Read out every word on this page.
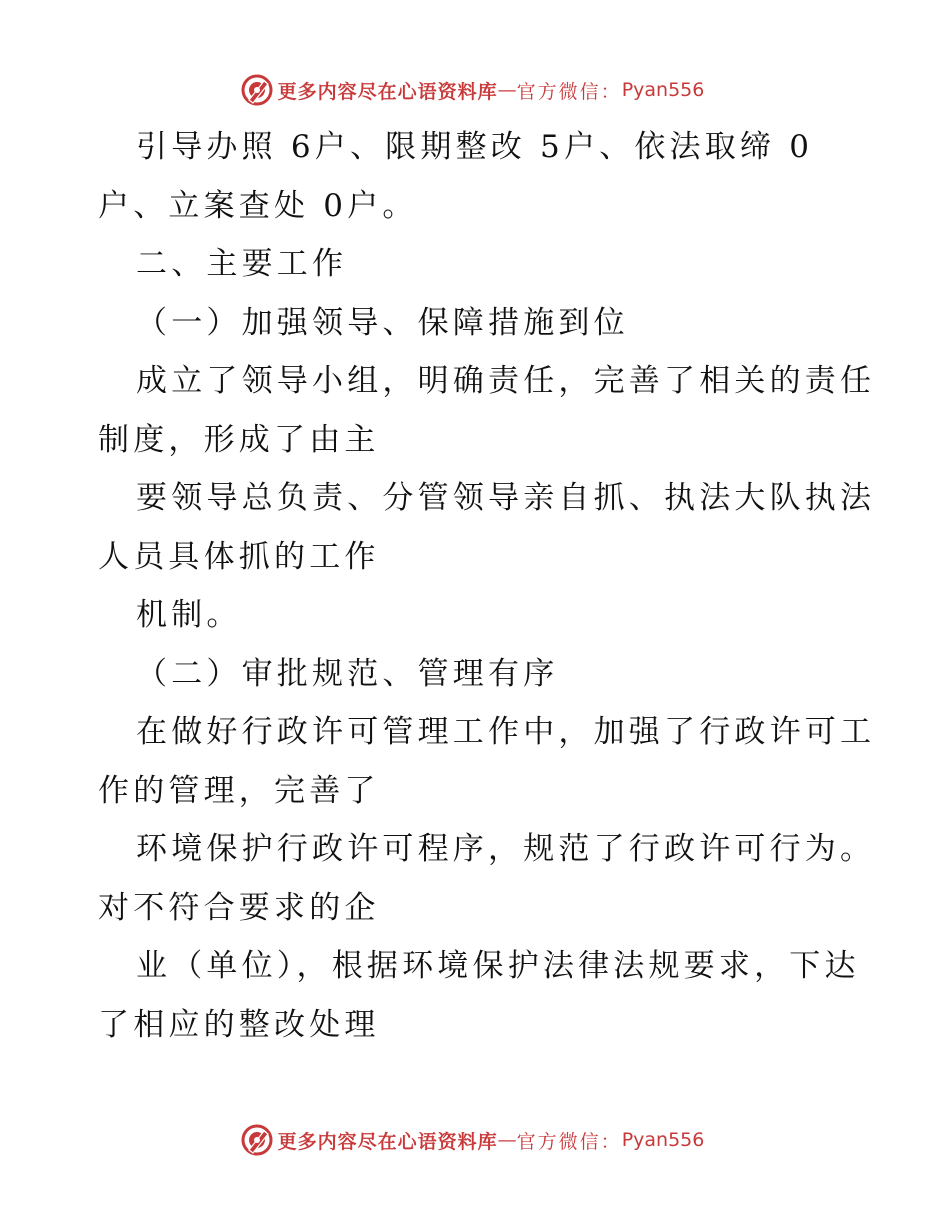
更多内容尽在心语资料库 — 官方微信： Pyan556
引导办照 6户、限期整改 5户、依法取缔 0
户、立案查处 0户。
二、主要工作
（一）加强领导、保障措施到位
成立了领导小组，明确责任，完善了相关的责任
制度，形成了由主
要领导总负责、分管领导亲自抓、执法大队执法
人员具体抓的工作
机制。
（二）审批规范、管理有序
在做好行政许可管理工作中，加强了行政许可工
作的管理，完善了
环境保护行政许可程序，规范了行政许可行为。
对不符合要求的企
业（单位），根据环境保护法律法规要求，下达
了相应的整改处理
更多内容尽在心语资料库 — 官方微信： Pyan556
